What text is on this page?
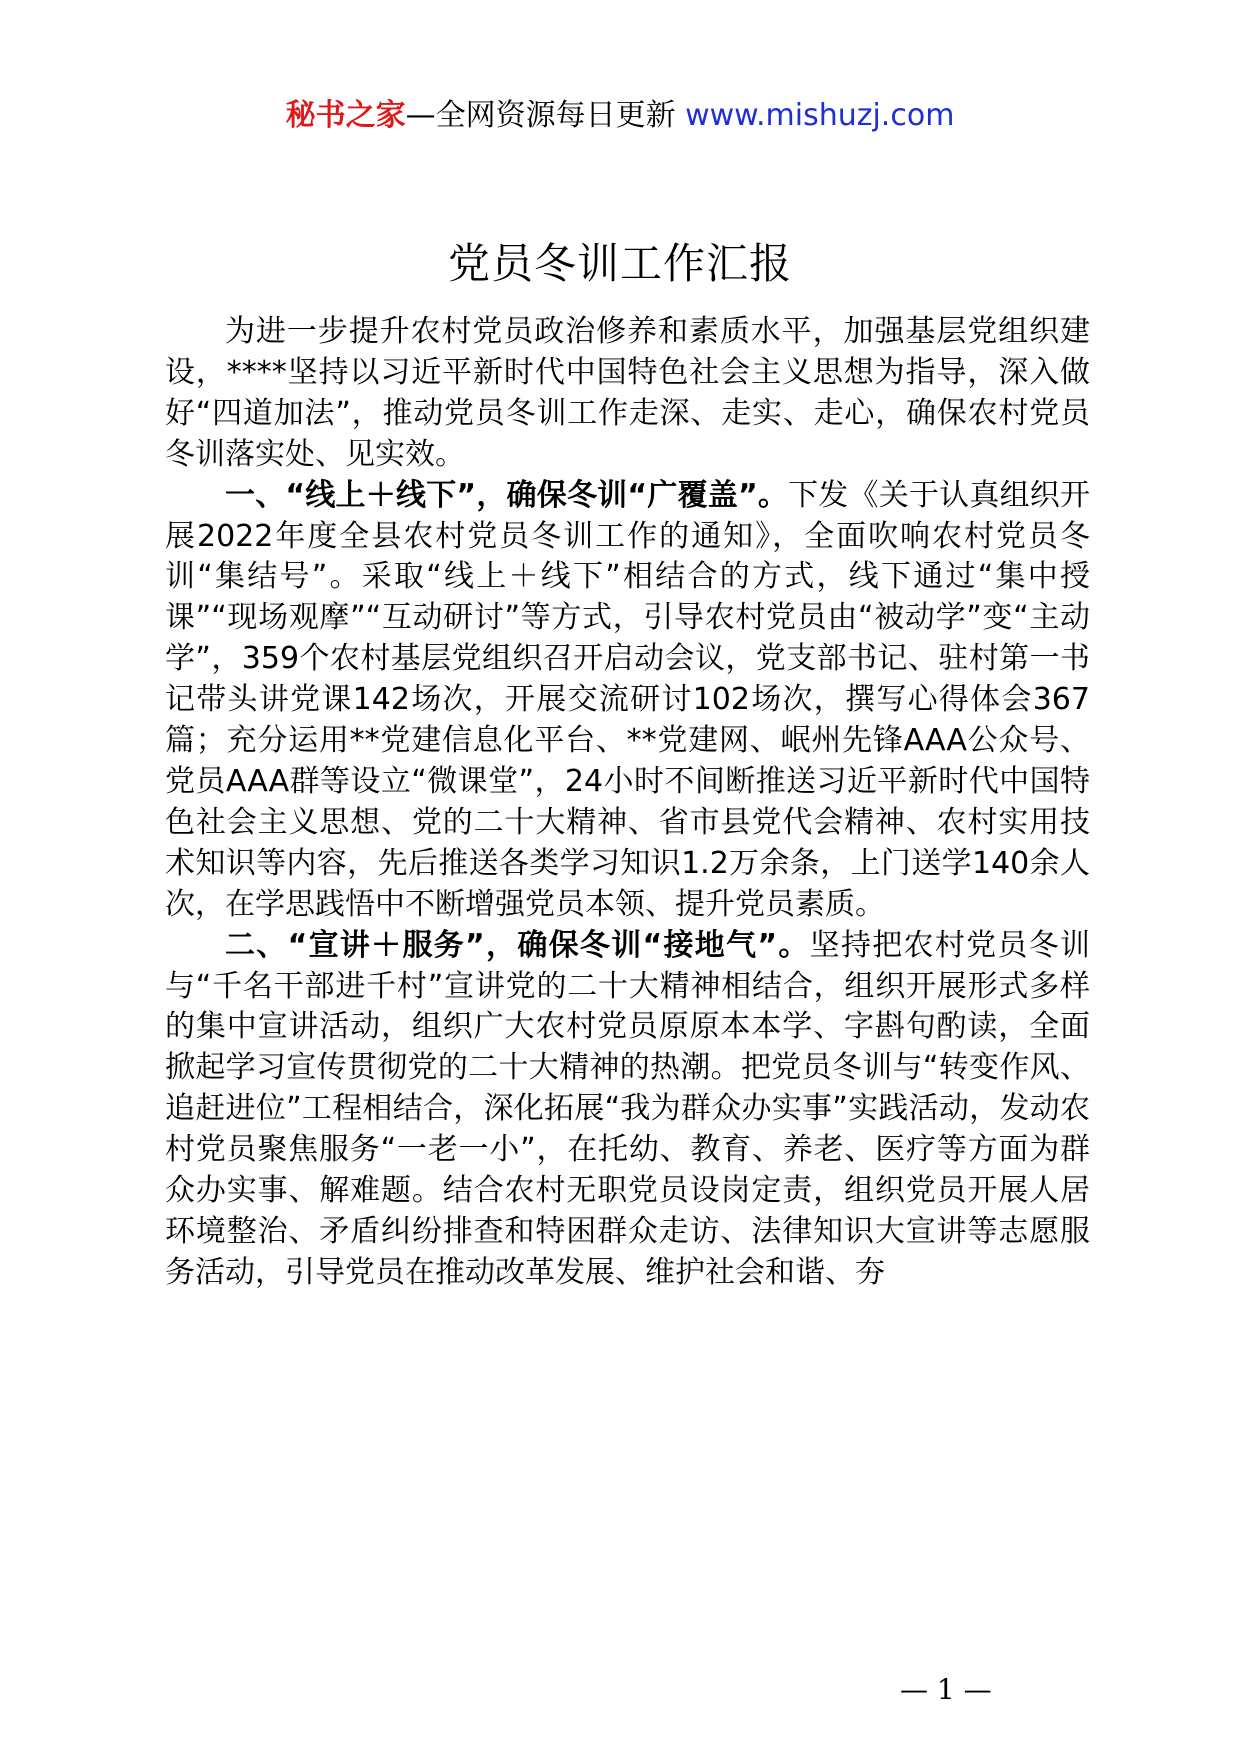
秘书之家—全网资源每日更新 www.mishuzj.com
党员冬训工作汇报

为进一步提升农村党员政治修养和素质水平，加强基层党组织建设，****坚持以习近平新时代中国特色社会主义思想为指导，深入做好“四道加法”，推动党员冬训工作走深、走实、走心，确保农村党员冬训落实处、见实效。

一、“线上＋线下”，确保冬训“广覆盖”。下发《关于认真组织开展2022年度全县农村党员冬训工作的通知》，全面吹响农村党员冬训“集结号”。采取“线上＋线下”相结合的方式，线下通过“集中授课”“现场观摩”“互动研讨”等方式，引导农村党员由“被动学”变“主动学”，359个农村基层党组织召开启动会议，党支部书记、驻村第一书记带头讲党课142场次，开展交流研讨102场次，撰写心得体会367篇；充分运用**党建信息化平台、**党建网、岷州先锋AAA公众号、党员AAA群等设立“微课堂”，24小时不间断推送习近平新时代中国特色社会主义思想、党的二十大精神、省市县党代会精神、农村实用技术知识等内容，先后推送各类学习知识1.2万余条，上门送学140余人次，在学思践悟中不断增强党员本领、提升党员素质。

二、“宣讲＋服务”，确保冬训“接地气”。坚持把农村党员冬训与“千名干部进千村”宣讲党的二十大精神相结合，组织开展形式多样的集中宣讲活动，组织广大农村党员原原本本学、字斟句酌读，全面掀起学习宣传贯彻党的二十大精神的热潮。把党员冬训与“转变作风、追赶进位”工程相结合，深化拓展“我为群众办实事”实践活动，发动农村党员聚焦服务“一老一小”，在托幼、教育、养老、医疗等方面为群众办实事、解难题。结合农村无职党员设岗定责，组织党员开展人居环境整治、矛盾纠纷排查和特困群众走访、法律知识大宣讲等志愿服务活动，引导党员在推动改革发展、维护社会和谐、夯

— 1 —
